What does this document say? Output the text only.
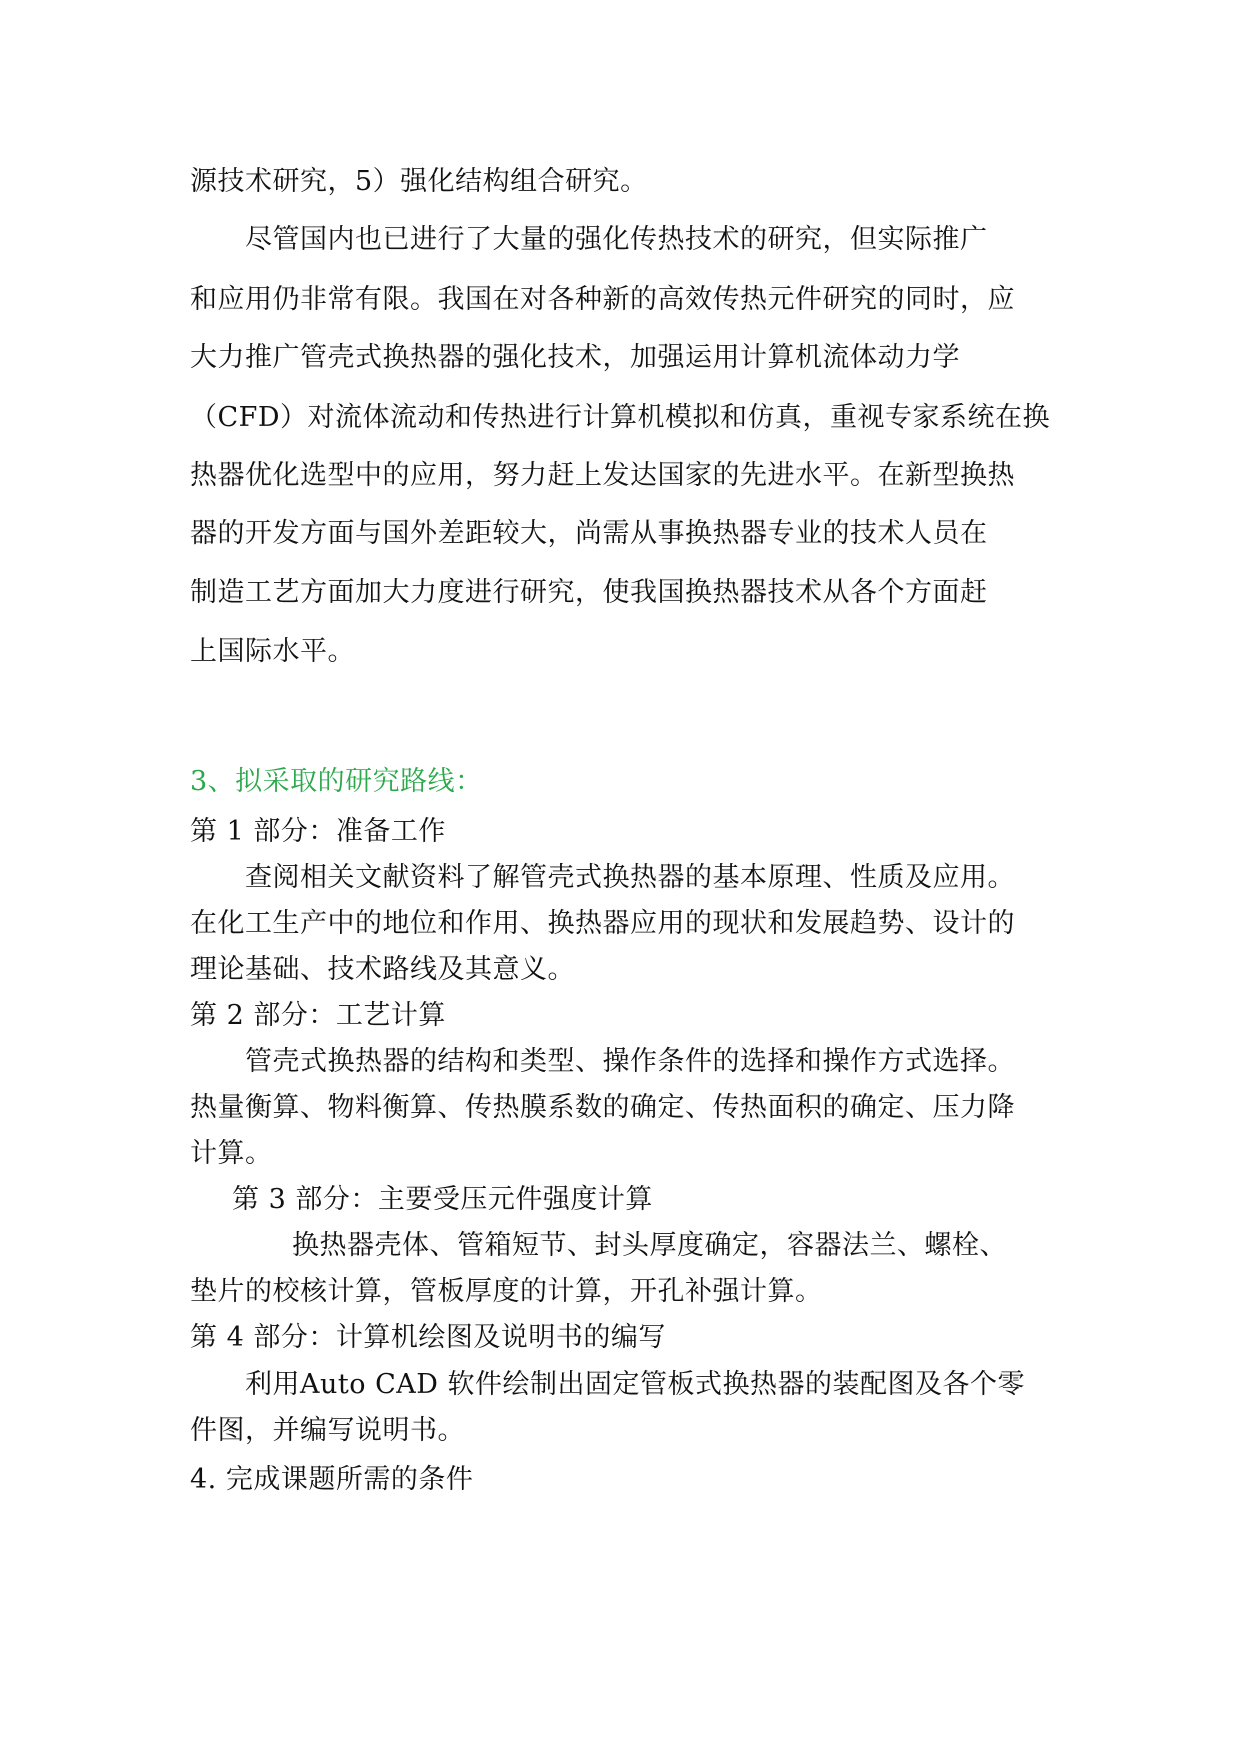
源技术研究，5）强化结构组合研究。
尽管国内也已进行了大量的强化传热技术的研究，但实际推广
和应用仍非常有限。我国在对各种新的高效传热元件研究的同时，应
大力推广管壳式换热器的强化技术，加强运用计算机流体动力学
（CFD）对流体流动和传热进行计算机模拟和仿真，重视专家系统在换
热器优化选型中的应用，努力赶上发达国家的先进水平。在新型换热
器的开发方面与国外差距较大，尚需从事换热器专业的技术人员在
制造工艺方面加大力度进行研究，使我国换热器技术从各个方面赶
上国际水平。
3、拟采取的研究路线：
第 1 部分：准备工作
查阅相关文献资料了解管壳式换热器的基本原理、性质及应用。
在化工生产中的地位和作用、换热器应用的现状和发展趋势、设计的
理论基础、技术路线及其意义。
第 2 部分：工艺计算
管壳式换热器的结构和类型、操作条件的选择和操作方式选择。
热量衡算、物料衡算、传热膜系数的确定、传热面积的确定、压力降
计算。
第 3 部分：主要受压元件强度计算
换热器壳体、管箱短节、封头厚度确定，容器法兰、螺栓、
垫片的校核计算，管板厚度的计算，开孔补强计算。
第 4 部分：计算机绘图及说明书的编写
利用Auto CAD 软件绘制出固定管板式换热器的装配图及各个零
件图，并编写说明书。
4. 完成课题所需的条件
